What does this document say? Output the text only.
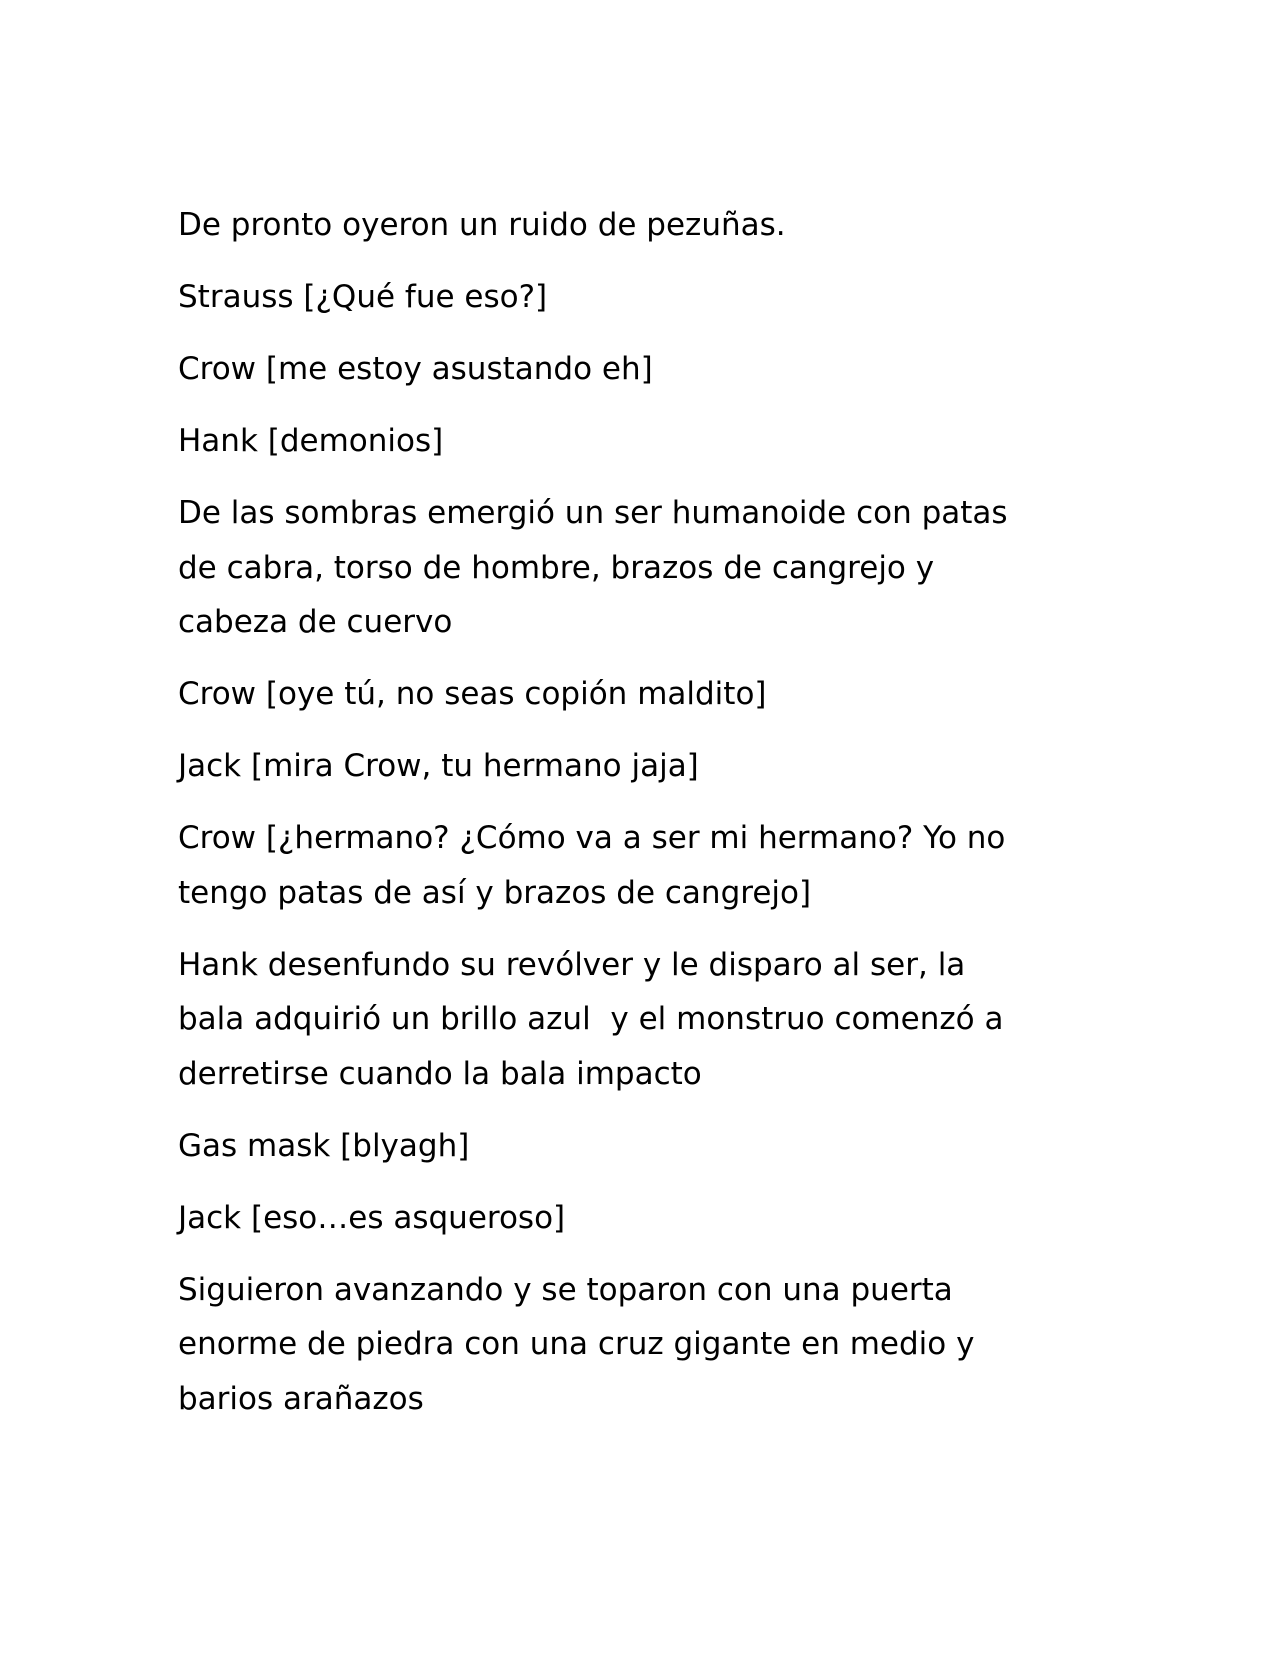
De pronto oyeron un ruido de pezuñas.

Strauss [¿Qué fue eso?]

Crow [me estoy asustando eh]

Hank [demonios]

De las sombras emergió un ser humanoide con patas
de cabra, torso de hombre, brazos de cangrejo y
cabeza de cuervo

Crow [oye tú, no seas copión maldito]

Jack [mira Crow, tu hermano jaja]

Crow [¿hermano? ¿Cómo va a ser mi hermano? Yo no
tengo patas de así y brazos de cangrejo]

Hank desenfundo su revólver y le disparo al ser, la
bala adquirió un brillo azul  y el monstruo comenzó a
derretirse cuando la bala impacto

Gas mask [blyagh]

Jack [eso…es asqueroso]

Siguieron avanzando y se toparon con una puerta
enorme de piedra con una cruz gigante en medio y
barios arañazos
